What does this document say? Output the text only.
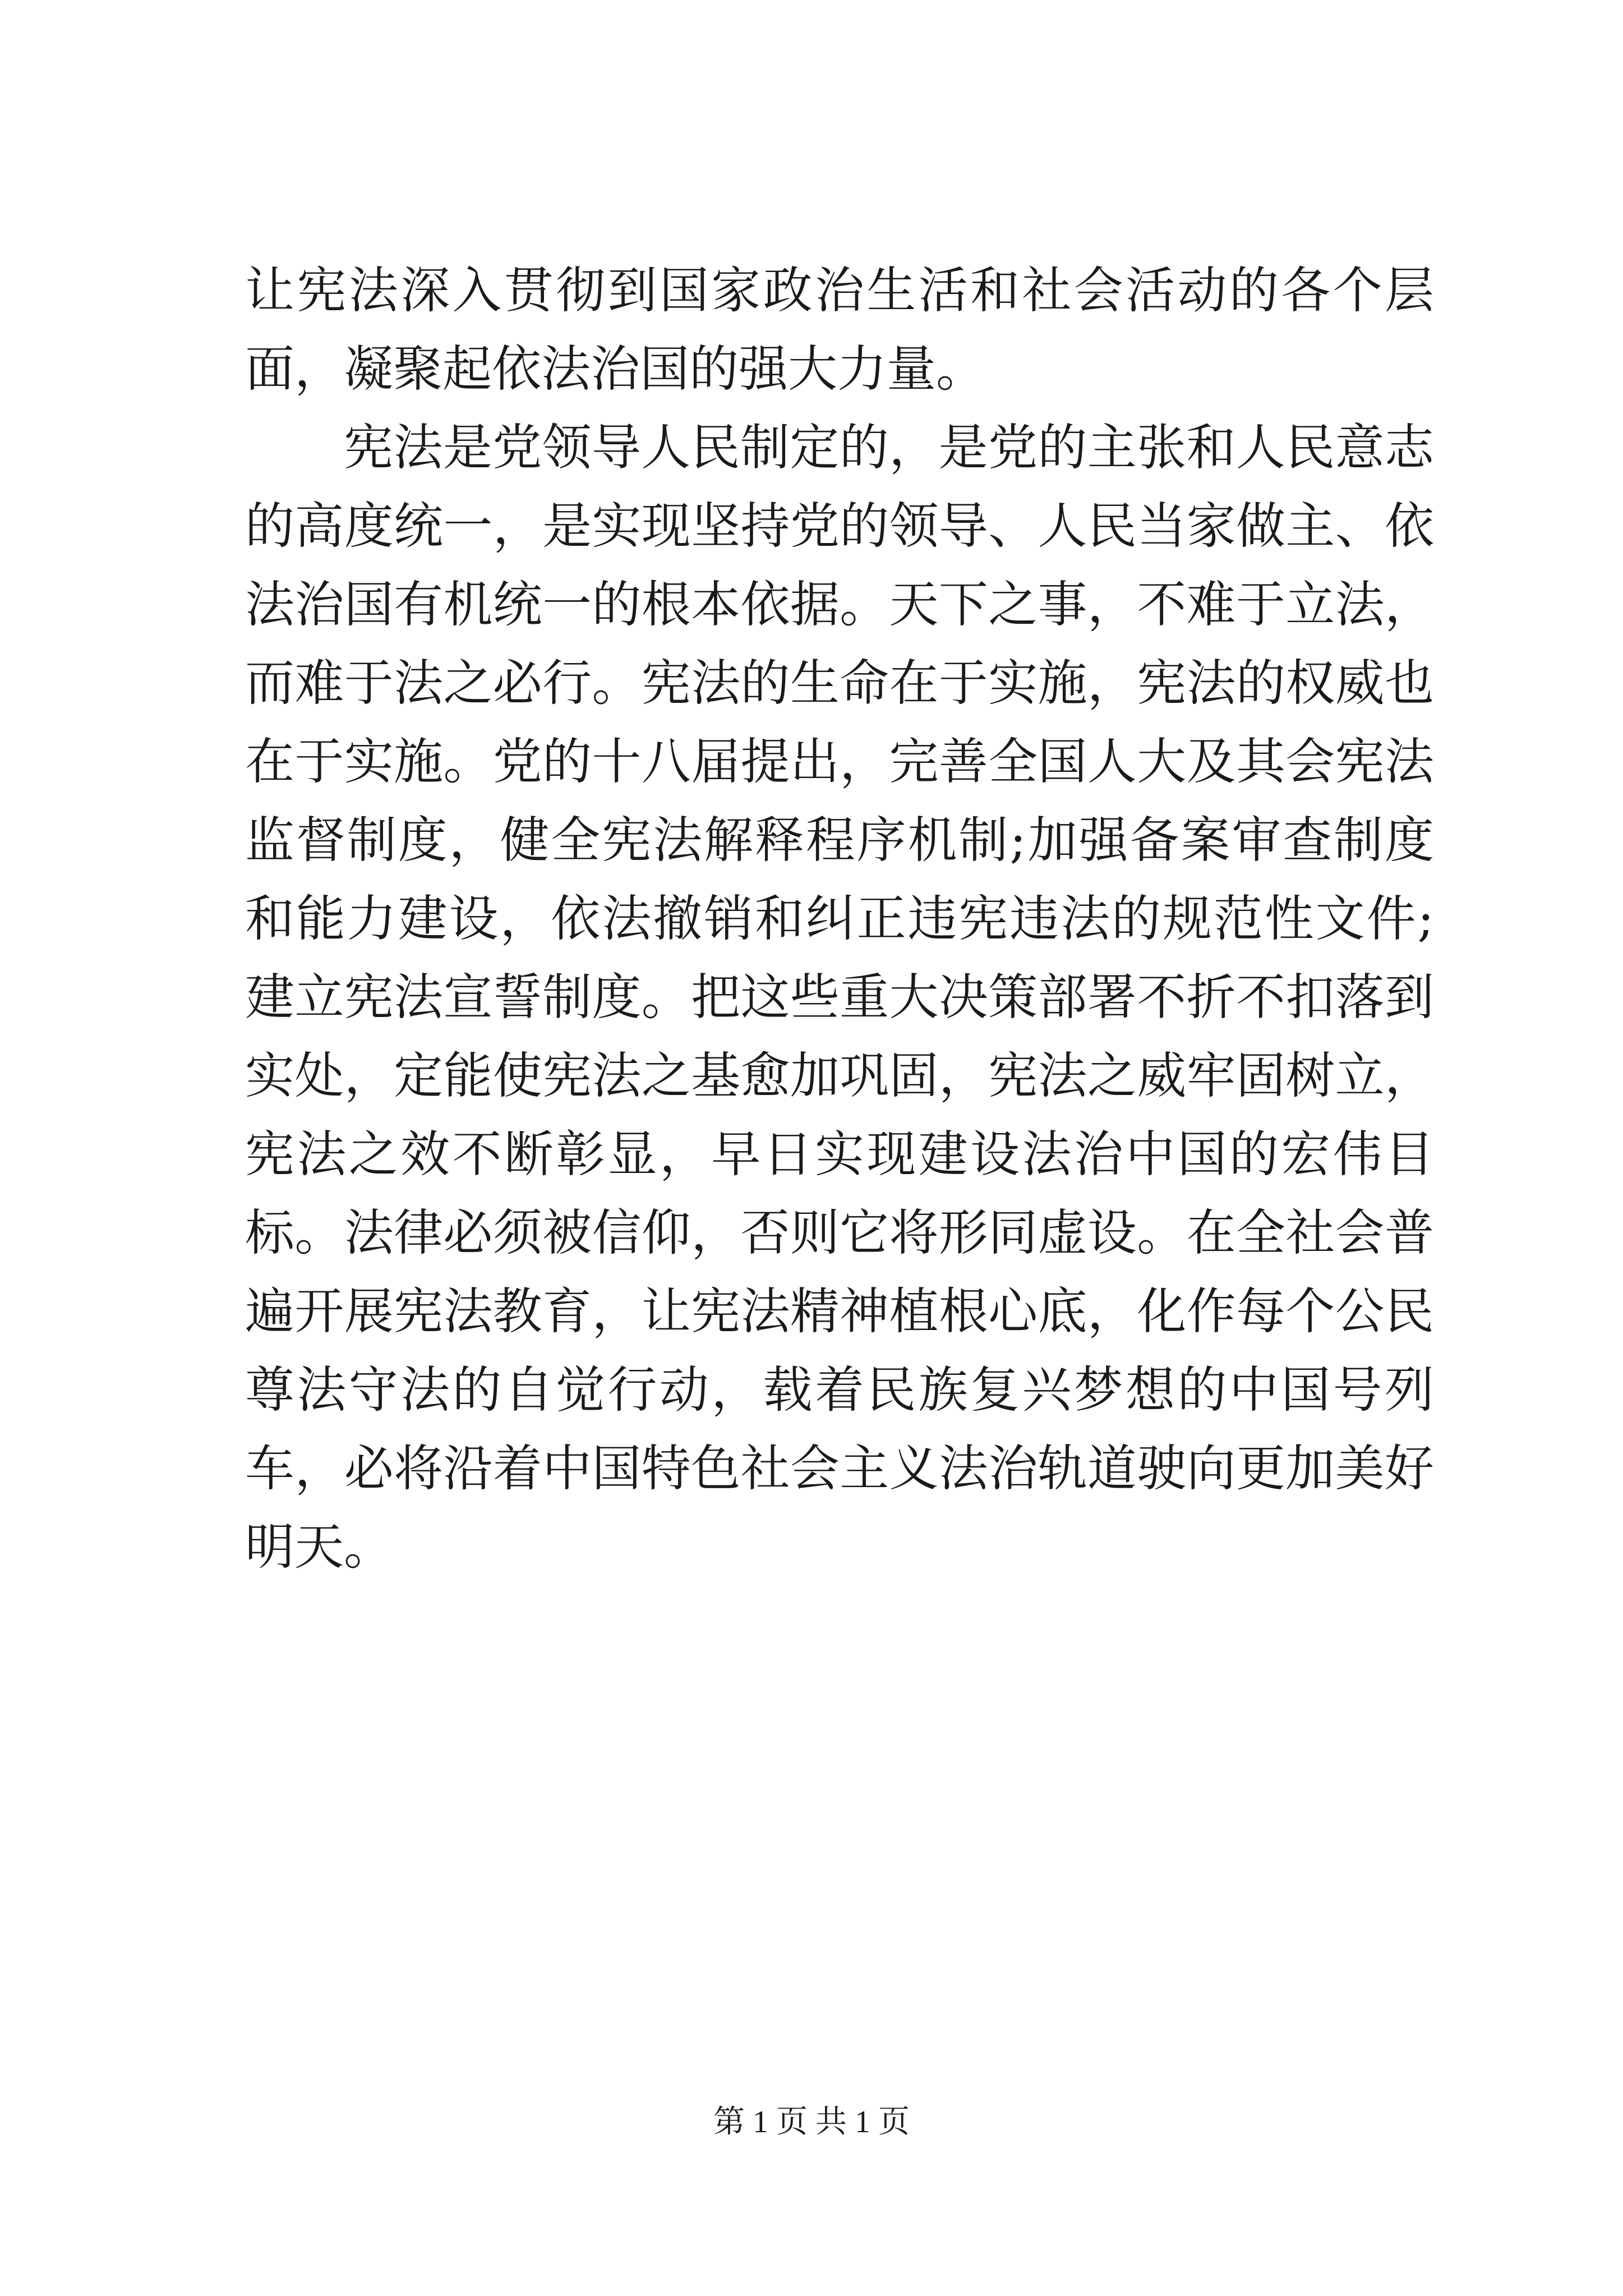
让宪法深入贯彻到国家政治生活和社会活动的各个层面，凝聚起依法治国的强大力量。

宪法是党领导人民制定的，是党的主张和人民意志的高度统一，是实现坚持党的领导、人民当家做主、依法治国有机统一的根本依据。天下之事，不难于立法，而难于法之必行。宪法的生命在于实施，宪法的权威也在于实施。党的十八届提出，完善全国人大及其会宪法监督制度，健全宪法解释程序机制;加强备案审查制度和能力建设，依法撤销和纠正违宪违法的规范性文件;建立宪法宣誓制度。把这些重大决策部署不折不扣落到实处，定能使宪法之基愈加巩固，宪法之威牢固树立，宪法之效不断彰显，早日实现建设法治中国的宏伟目标。法律必须被信仰，否则它将形同虚设。在全社会普遍开展宪法教育，让宪法精神植根心底，化作每个公民尊法守法的自觉行动，载着民族复兴梦想的中国号列车，必将沿着中国特色社会主义法治轨道驶向更加美好明天。

第 1 页 共 1 页
